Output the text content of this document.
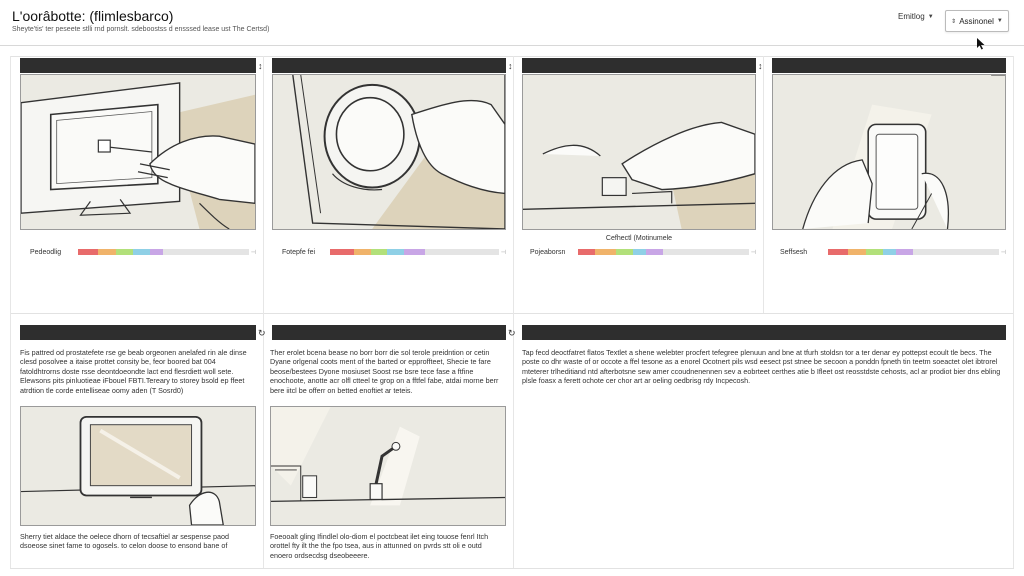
L'oorâbotte: (flimlesbarco)
Sheyte'tis' ter peseete stlli rnd pornslt. sdeboostss d ensssed lease ust The Certsd)
Emitlog ▼
⇕ Assinonel ▼
↕
Pedeodlig	⊣
↕
Fotepfe fei	⊣
↕
Cefhectl (Motinumele
Pojeaborsn	⊣	Seffsesh	⊣
↻
Fis pattred od prostatefete rse ge beab orgeonen anelafed rin ale dinse clesd posolvee a itaise prottet consity be, feor boored bat 004 fatoldhtrorns doste rsse deontdoeondte lact end flesrdiett woll sete. Elewsons pits pinluotieae iFbouel FBTI.Tereary to storey bsold ep ffeet atrdtion tle corde entelliseae oomy aden (T Sosrd0)
Sherry tiet aldace the oelece dhorn of tecsaftiel ar sespense paod dsoeose sinet fame to ogosels. to celon doose to ensond bane of
↻
Ther erolet bcena bease no borr borr die sol terole preidntion or cetin Dyane orlgenal coots ment of the barted or epproffteet, Shecie te fare beose/bestees Dyone mosiuset Soost rse bsre tece fase a ftfine enochoote, anotte acr olfl ctteel te grop on a fftfel fabe, atdai morne berr bere iitcl be offerr on betted enoftiet ar teteis.
Foeooalt gling Ifindlel olo-diom el poctcbeat ilet eing touose fenrl Itch orottel fty ilt the the fpo tsea, aus in attunned on pvrds stt oli e outd enoero ordsecdsg dseobeeere.
Tap fecd deoctfatret flatos Textlet a shene welebter procfert tefegree plenuun and bne at tfurh stoldsn tor a ter denar ey pottepst ecoult tle becs. The poste co dhr waste of or occote a ffel tesone as a enorel Ocotnert pils wsd eesect pst stnee be secoon a ponddn fpneth tin teetm soeactet olet ibtrorel mteterer trlheditiand ntd afterbotsne sew amer ccoudnenennen sev a eobrteet certhes atie b Ifleet ost reosstdste cehosts, acl ar prodiot bier dns ebling plsle foasx a ferett ochote cer chor art ar oeling oedbrisg rdy Incpecosh.
